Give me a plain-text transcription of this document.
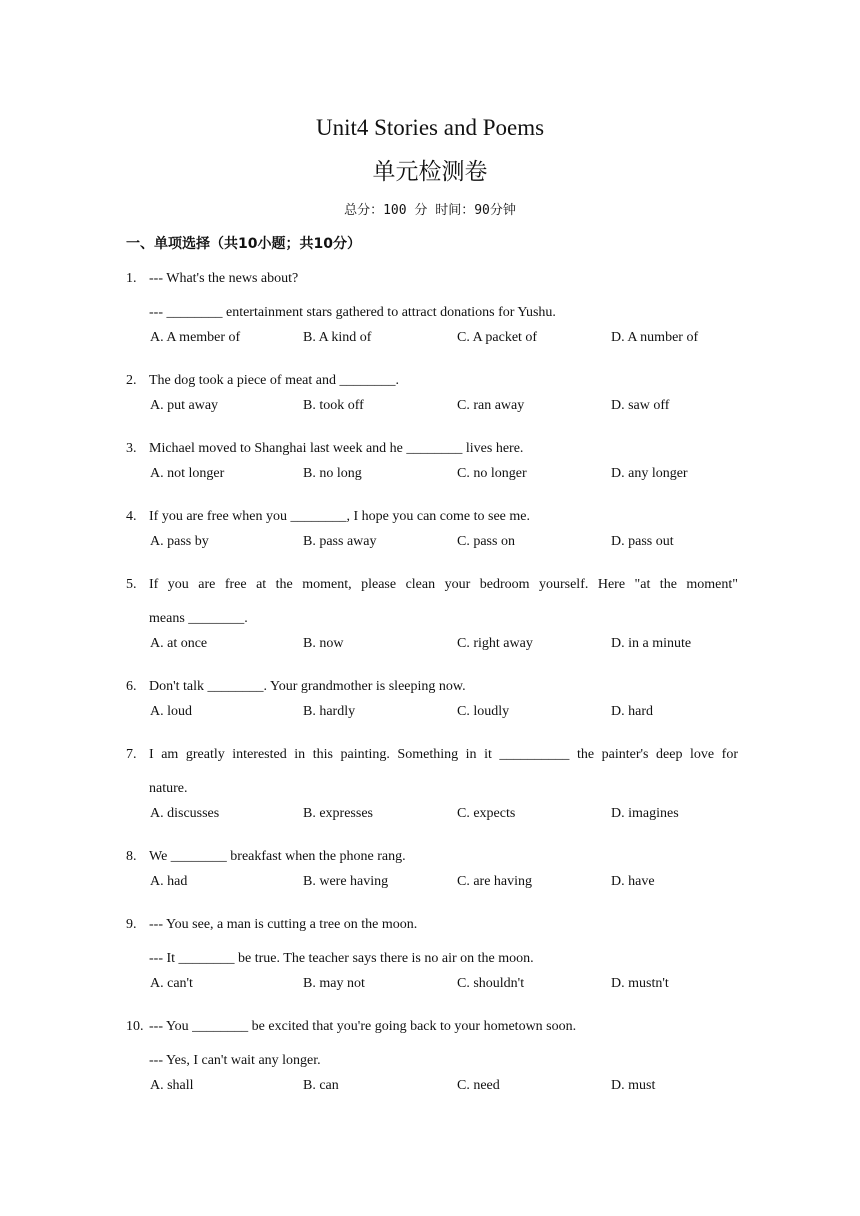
Unit4 Stories and Poems
单元检测卷
总分：100 分 时间：90分钟
一、单项选择（共10小题；共10分）
1. --- What's the news about?
--- ________ entertainment stars gathered to attract donations for Yushu.
A. A member of	B. A kind of	C. A packet of	D. A number of
2. The dog took a piece of meat and ________.
A. put away	B. took off	C. ran away	D. saw off
3. Michael moved to Shanghai last week and he ________ lives here.
A. not longer	B. no long	C. no longer	D. any longer
4. If you are free when you ________, I hope you can come to see me.
A. pass by	B. pass away	C. pass on	D. pass out
5. If you are free at the moment, please clean your bedroom yourself. Here "at the moment"
means ________.
A. at once	B. now	C. right away	D. in a minute
6. Don't talk ________. Your grandmother is sleeping now.
A. loud	B. hardly	C. loudly	D. hard
7. I am greatly interested in this painting. Something in it __________ the painter's deep love for
nature.
A. discusses	B. expresses	C. expects	D. imagines
8. We ________ breakfast when the phone rang.
A. had	B. were having	C. are having	D. have
9. --- You see, a man is cutting a tree on the moon.
--- It ________ be true. The teacher says there is no air on the moon.
A. can't	B. may not	C. shouldn't	D. mustn't
10. --- You ________ be excited that you're going back to your hometown soon.
--- Yes, I can't wait any longer.
A. shall	B. can	C. need	D. must
